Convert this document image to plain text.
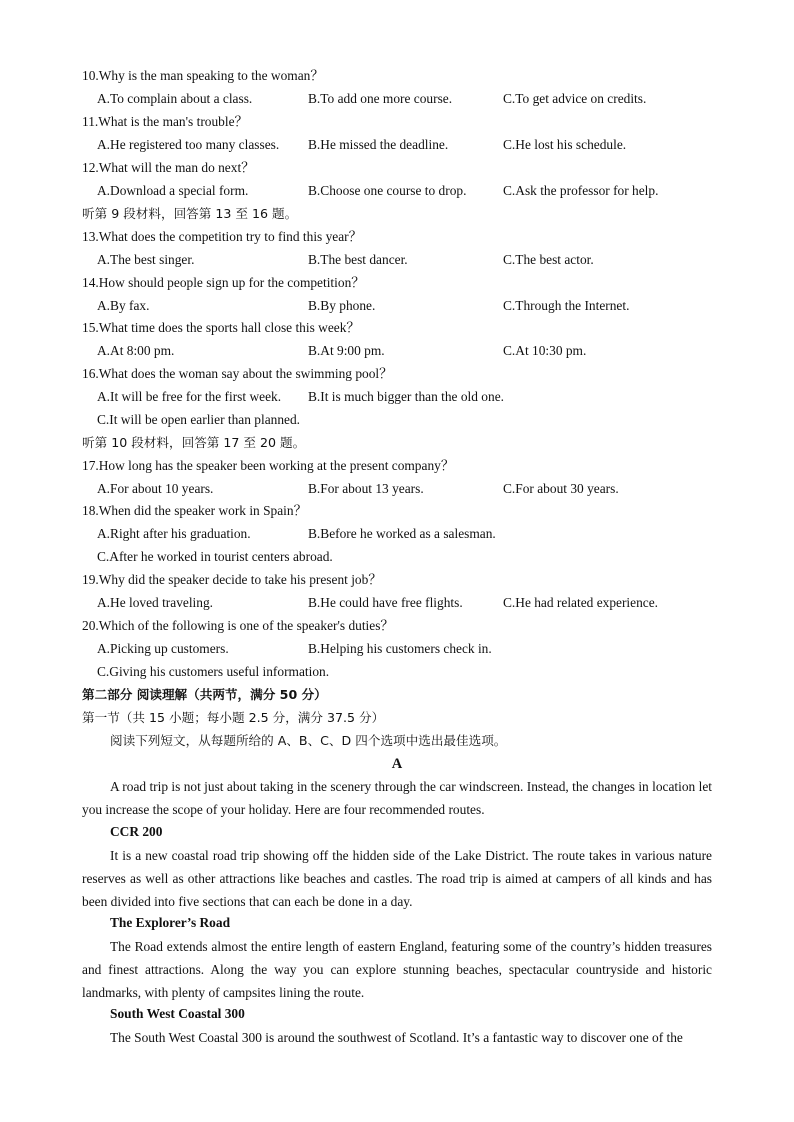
10.Why is the man speaking to the woman？
A.To complain about a class.	B.To add one more course.	C.To get advice on credits.
11.What is the man's trouble？
A.He registered too many classes. B.He missed the deadline.	C.He lost his schedule.
12.What will the man do next？
A.Download a special form.	B.Choose one course to drop.	C.Ask the professor for help.
听第 9 段材料，回答第 13 至 16 题。
13.What does the competition try to find this year？
A.The best singer.	B.The best dancer.	C.The best actor.
14.How should people sign up for the competition？
A.By fax.	B.By phone.	C.Through the Internet.
15.What time does the sports hall close this week？
A.At 8:00 pm.	B.At 9:00 pm.	C.At 10:30 pm.
16.What does the woman say about the swimming pool？
A.It will be free for the first week. B.It is much bigger than the old one.
C.It will be open earlier than planned.
听第 10 段材料，回答第 17 至 20 题。
17.How long has the speaker been working at the present company？
A.For about 10 years.	B.For about 13 years.	C.For about 30 years.
18.When did the speaker work in Spain？
A.Right after his graduation.	B.Before he worked as a salesman.
C.After he worked in tourist centers abroad.
19.Why did the speaker decide to take his present job？
A.He loved traveling.	B.He could have free flights.	C.He had related experience.
20.Which of the following is one of the speaker's duties？
A.Picking up customers.	B.Helping his customers check in.
C.Giving his customers useful information.
第二部分 阅读理解（共两节，满分 50 分）
第一节（共 15 小题；每小题 2.5 分，满分 37.5 分）
阅读下列短文，从每题所给的 A、B、C、D 四个选项中选出最佳选项。
A
A road trip is not just about taking in the scenery through the car windscreen. Instead, the changes in location let you increase the scope of your holiday. Here are four recommended routes.
CCR 200
It is a new coastal road trip showing off the hidden side of the Lake District. The route takes in various nature reserves as well as other attractions like beaches and castles. The road trip is aimed at campers of all kinds and has been divided into five sections that can each be done in a day.
The Explorer’s Road
The Road extends almost the entire length of eastern England, featuring some of the country’s hidden treasures and finest attractions. Along the way you can explore stunning beaches, spectacular countryside and historic landmarks, with plenty of campsites lining the route.
South West Coastal 300
The South West Coastal 300 is around the southwest of Scotland. It’s a fantastic way to discover one of the
